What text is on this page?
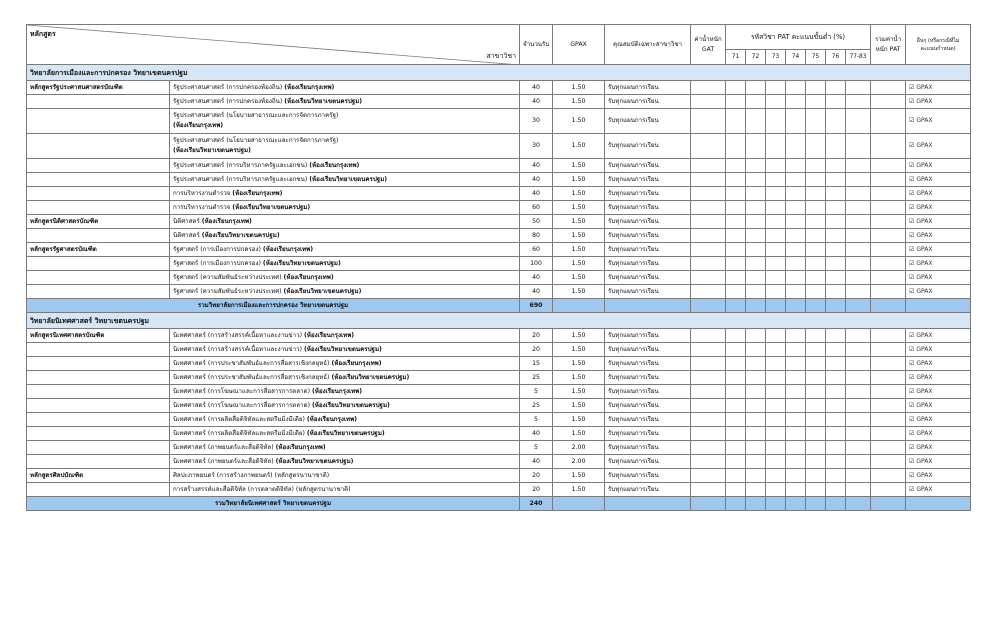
หลักสูตร
สาขาวิชา		จำนวนรับ	GPAX	คุณสมบัติเฉพาะสาขาวิชา	ค่าน้ำหนัก GAT	รหัสวิชา PAT คะแนนขั้นต่ำ (%)							รวมค่าน้ำหนัก PAT	อื่นๆ (หรือกรณีที่ไม่คะแนนกำหนด)
						71	72	73	74	75	76	77-83		
วิทยาลัยการเมืองและการปกครอง วิทยาเขตนครปฐม														
หลักสูตรรัฐประศาสนศาสตรบัณฑิต	รัฐประศาสนศาสตร์ (การปกครองท้องถิ่น) (ห้องเรียนกรุงเทพ)	40	1.50	รับทุกแผนการเรียน										☑ GPAX
	รัฐประศาสนศาสตร์ (การปกครองท้องถิ่น) (ห้องเรียนวิทยาเขตนครปฐม)	40	1.50	รับทุกแผนการเรียน										☑ GPAX
	รัฐประศาสนศาสตร์ (นโยบายสาธารณะและการจัดการภาครัฐ)
(ห้องเรียนกรุงเทพ)	30	1.50	รับทุกแผนการเรียน										☑ GPAX
	รัฐประศาสนศาสตร์ (นโยบายสาธารณะและการจัดการภาครัฐ)
(ห้องเรียนวิทยาเขตนครปฐม)	30	1.50	รับทุกแผนการเรียน										☑ GPAX
	รัฐประศาสนศาสตร์ (การบริหารภาครัฐและเอกชน) (ห้องเรียนกรุงเทพ)	40	1.50	รับทุกแผนการเรียน										☑ GPAX
	รัฐประศาสนศาสตร์ (การบริหารภาครัฐและเอกชน) (ห้องเรียนวิทยาเขตนครปฐม)	40	1.50	รับทุกแผนการเรียน										☑ GPAX
	การบริหารงานตำรวจ (ห้องเรียนกรุงเทพ)	40	1.50	รับทุกแผนการเรียน										☑ GPAX
	การบริหารงานตำรวจ (ห้องเรียนวิทยาเขตนครปฐม)	60	1.50	รับทุกแผนการเรียน										☑ GPAX
หลักสูตรนิติศาสตรบัณฑิต	นิติศาสตร์ (ห้องเรียนกรุงเทพ)	50	1.50	รับทุกแผนการเรียน										☑ GPAX
	นิติศาสตร์ (ห้องเรียนวิทยาเขตนครปฐม)	80	1.50	รับทุกแผนการเรียน										☑ GPAX
หลักสูตรรัฐศาสตรบัณฑิต	รัฐศาสตร์ (การเมืองการปกครอง) (ห้องเรียนกรุงเทพ)	60	1.50	รับทุกแผนการเรียน										☑ GPAX
	รัฐศาสตร์ (การเมืองการปกครอง) (ห้องเรียนวิทยาเขตนครปฐม)	100	1.50	รับทุกแผนการเรียน										☑ GPAX
	รัฐศาสตร์ (ความสัมพันธ์ระหว่างประเทศ) (ห้องเรียนกรุงเทพ)	40	1.50	รับทุกแผนการเรียน										☑ GPAX
	รัฐศาสตร์ (ความสัมพันธ์ระหว่างประเทศ) (ห้องเรียนวิทยาเขตนครปฐม)	40	1.50	รับทุกแผนการเรียน										☑ GPAX
รวมวิทยาลัยการเมืองและการปกครอง วิทยาเขตนครปฐม		690												
วิทยาลัยนิเทศศาสตร์ วิทยาเขตนครปฐม														
หลักสูตรนิเทศศาสตรบัณฑิต	นิเทศศาสตร์ (การสร้างสรรค์เนื้อหาและงานข่าว) (ห้องเรียนกรุงเทพ)	20	1.50	รับทุกแผนการเรียน										☑ GPAX
	นิเทศศาสตร์ (การสร้างสรรค์เนื้อหาและงานข่าว) (ห้องเรียนวิทยาเขตนครปฐม)	20	1.50	รับทุกแผนการเรียน										☑ GPAX
	นิเทศศาสตร์ (การประชาสัมพันธ์และการสื่อสารเชิงกลยุทธ์) (ห้องเรียนกรุงเทพ)	15	1.50	รับทุกแผนการเรียน										☑ GPAX
	นิเทศศาสตร์ (การประชาสัมพันธ์และการสื่อสารเชิงกลยุทธ์) (ห้องเรียนวิทยาเขตนครปฐม)	25	1.50	รับทุกแผนการเรียน										☑ GPAX
	นิเทศศาสตร์ (การโฆษณาและการสื่อสารการตลาด) (ห้องเรียนกรุงเทพ)	5	1.50	รับทุกแผนการเรียน										☑ GPAX
	นิเทศศาสตร์ (การโฆษณาและการสื่อสารการตลาด) (ห้องเรียนวิทยาเขตนครปฐม)	25	1.50	รับทุกแผนการเรียน										☑ GPAX
	นิเทศศาสตร์ (การผลิตสื่อดิจิทัลและสตรีมมิ่งมีเดีย) (ห้องเรียนกรุงเทพ)	5	1.50	รับทุกแผนการเรียน										☑ GPAX
	นิเทศศาสตร์ (การผลิตสื่อดิจิทัลและสตรีมมิ่งมีเดีย) (ห้องเรียนวิทยาเขตนครปฐม)	40	1.50	รับทุกแผนการเรียน										☑ GPAX
	นิเทศศาสตร์ (ภาพยนตร์และสื่อดิจิทัล) (ห้องเรียนกรุงเทพ)	5	2.00	รับทุกแผนการเรียน										☑ GPAX
	นิเทศศาสตร์ (ภาพยนตร์และสื่อดิจิทัล) (ห้องเรียนวิทยาเขตนครปฐม)	40	2.00	รับทุกแผนการเรียน										☑ GPAX
หลักสูตรศิลปบัณฑิต	ศิลปะภาพยนตร์ (การสร้างภาพยนตร์) (หลักสูตรนานาชาติ)	20	1.50	รับทุกแผนการเรียน										☑ GPAX
	การสร้างสรรค์และสื่อดิจิทัล (การตลาดดิจิทัล) (หลักสูตรนานาชาติ)	20	1.50	รับทุกแผนการเรียน										☑ GPAX
รวมวิทยาลัยนิเทศศาสตร์ วิทยาเขตนครปฐม		240												
